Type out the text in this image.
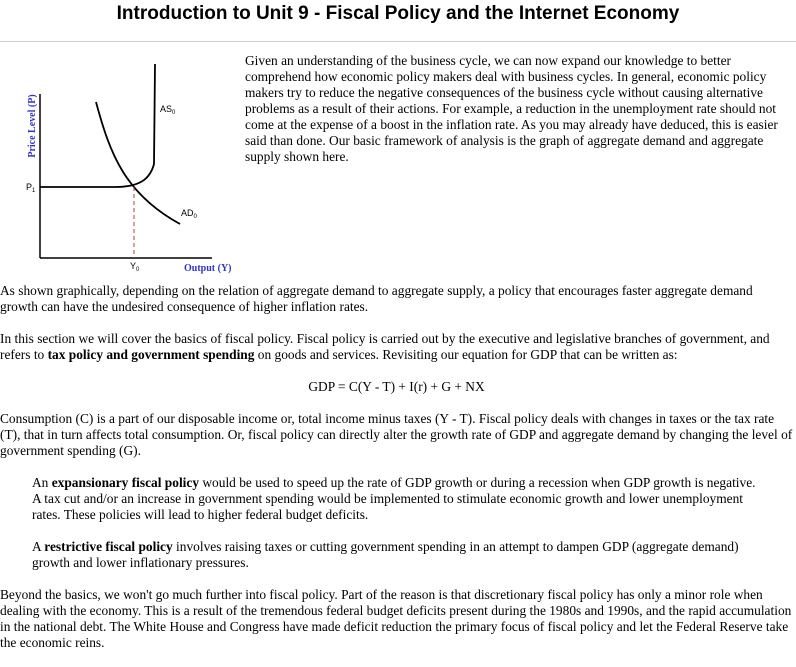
Introduction to Unit 9 - Fiscal Policy and the Internet Economy
Price Level (P)
Output (Y)
$AS_0$
$AD_0$
$P_1$
$Y_0$

Given an understanding of the business cycle, we can now expand our knowledge to better comprehend how economic policy makers deal with business cycles. In general, economic policy makers try to reduce the negative consequences of the business cycle without causing alternative problems as a result of their actions. For example, a reduction in the unemployment rate should not come at the expense of a boost in the inflation rate. As you may already have deduced, this is easier said than done. Our basic framework of analysis is the graph of aggregate demand and aggregate supply shown here.

As shown graphically, depending on the relation of aggregate demand to aggregate supply, a policy that encourages faster aggregate demand growth can have the undesired consequence of higher inflation rates.

In this section we will cover the basics of fiscal policy. Fiscal policy is carried out by the executive and legislative branches of government, and refers to tax policy and government spending on goods and services. Revisiting our equation for GDP that can be written as:

GDP = C(Y - T) + I(r) + G + NX

Consumption (C) is a part of our disposable income or, total income minus taxes (Y - T). Fiscal policy deals with changes in taxes or the tax rate (T), that in turn affects total consumption. Or, fiscal policy can directly alter the growth rate of GDP and aggregate demand by changing the level of government spending (G).

An expansionary fiscal policy would be used to speed up the rate of GDP growth or during a recession when GDP growth is negative. A tax cut and/or an increase in government spending would be implemented to stimulate economic growth and lower unemployment rates. These policies will lead to higher federal budget deficits.

A restrictive fiscal policy involves raising taxes or cutting government spending in an attempt to dampen GDP (aggregate demand) growth and lower inflationary pressures.

Beyond the basics, we won't go much further into fiscal policy. Part of the reason is that discretionary fiscal policy has only a minor role when dealing with the economy. This is a result of the tremendous federal budget deficits present during the 1980s and 1990s, and the rapid accumulation in the national debt. The White House and Congress have made deficit reduction the primary focus of fiscal policy and let the Federal Reserve take the economic reins.
